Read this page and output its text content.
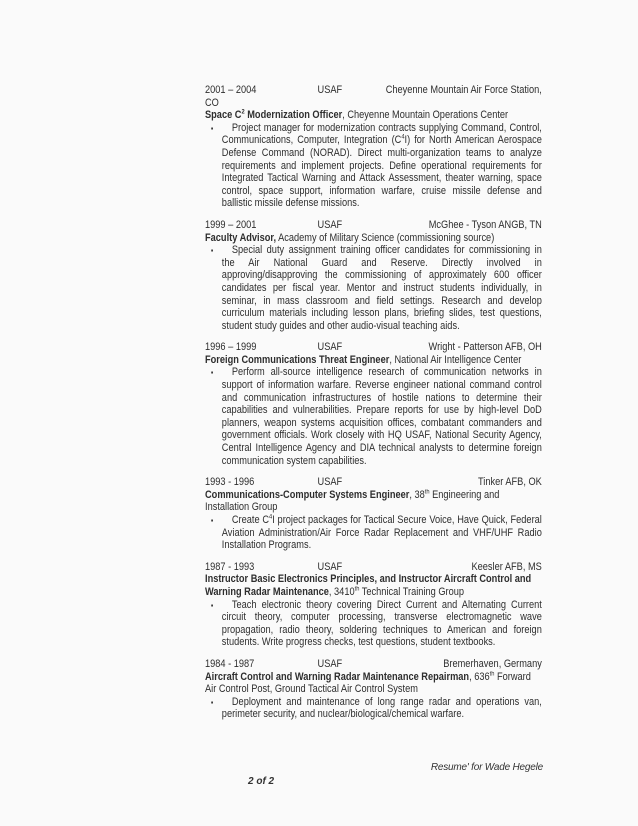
2001 – 2004	USAF	Cheyenne Mountain Air Force Station,
CO
Space $C^2$ Modernization Officer, Cheyenne Mountain Operations Center
▪ Project manager for modernization contracts supplying Command, Control, Communications, Computer, Integration $(C^4I)$ for North American Aerospace Defense Command (NORAD). Direct multi-organization teams to analyze requirements and implement projects. Define operational requirements for Integrated Tactical Warning and Attack Assessment, theater warning, space control, space support, information warfare, cruise missile defense and ballistic missile defense missions.
1999 – 2001	USAF	McGhee - Tyson ANGB, TN
Faculty Advisor, Academy of Military Science (commissioning source)
▪ Special duty assignment training officer candidates for commissioning in the Air National Guard and Reserve. Directly involved in approving/disapproving the commissioning of approximately 600 officer candidates per fiscal year. Mentor and instruct students individually, in seminar, in mass classroom and field settings. Research and develop curriculum materials including lesson plans, briefing slides, test questions, student study guides and other audio-visual teaching aids.
1996 – 1999	USAF	Wright - Patterson AFB, OH
Foreign Communications Threat Engineer, National Air Intelligence Center
▪ Perform all-source intelligence research of communication networks in support of information warfare. Reverse engineer national command control and communication infrastructures of hostile nations to determine their capabilities and vulnerabilities. Prepare reports for use by high-level DoD planners, weapon systems acquisition offices, combatant commanders and government officials. Work closely with HQ USAF, National Security Agency, Central Intelligence Agency and DIA technical analysts to determine foreign communication system capabilities.
1993 - 1996	USAF	Tinker AFB, OK
Communications-Computer Systems Engineer, 38th Engineering and Installation Group
▪ Create $C^4I$ project packages for Tactical Secure Voice, Have Quick, Federal Aviation Administration/Air Force Radar Replacement and VHF/UHF Radio Installation Programs.
1987 - 1993	USAF	Keesler AFB, MS
Instructor Basic Electronics Principles, and Instructor Aircraft Control and Warning Radar Maintenance, 3410th Technical Training Group
▪ Teach electronic theory covering Direct Current and Alternating Current circuit theory, computer processing, transverse electromagnetic wave propagation, radio theory, soldering techniques to American and foreign students. Write progress checks, test questions, student textbooks.
1984 - 1987	USAF	Bremerhaven, Germany
Aircraft Control and Warning Radar Maintenance Repairman, 636th Forward Air Control Post, Ground Tactical Air Control System
▪ Deployment and maintenance of long range radar and operations van, perimeter security, and nuclear/biological/chemical warfare.
Resume' for Wade Hegele
2 of 2
